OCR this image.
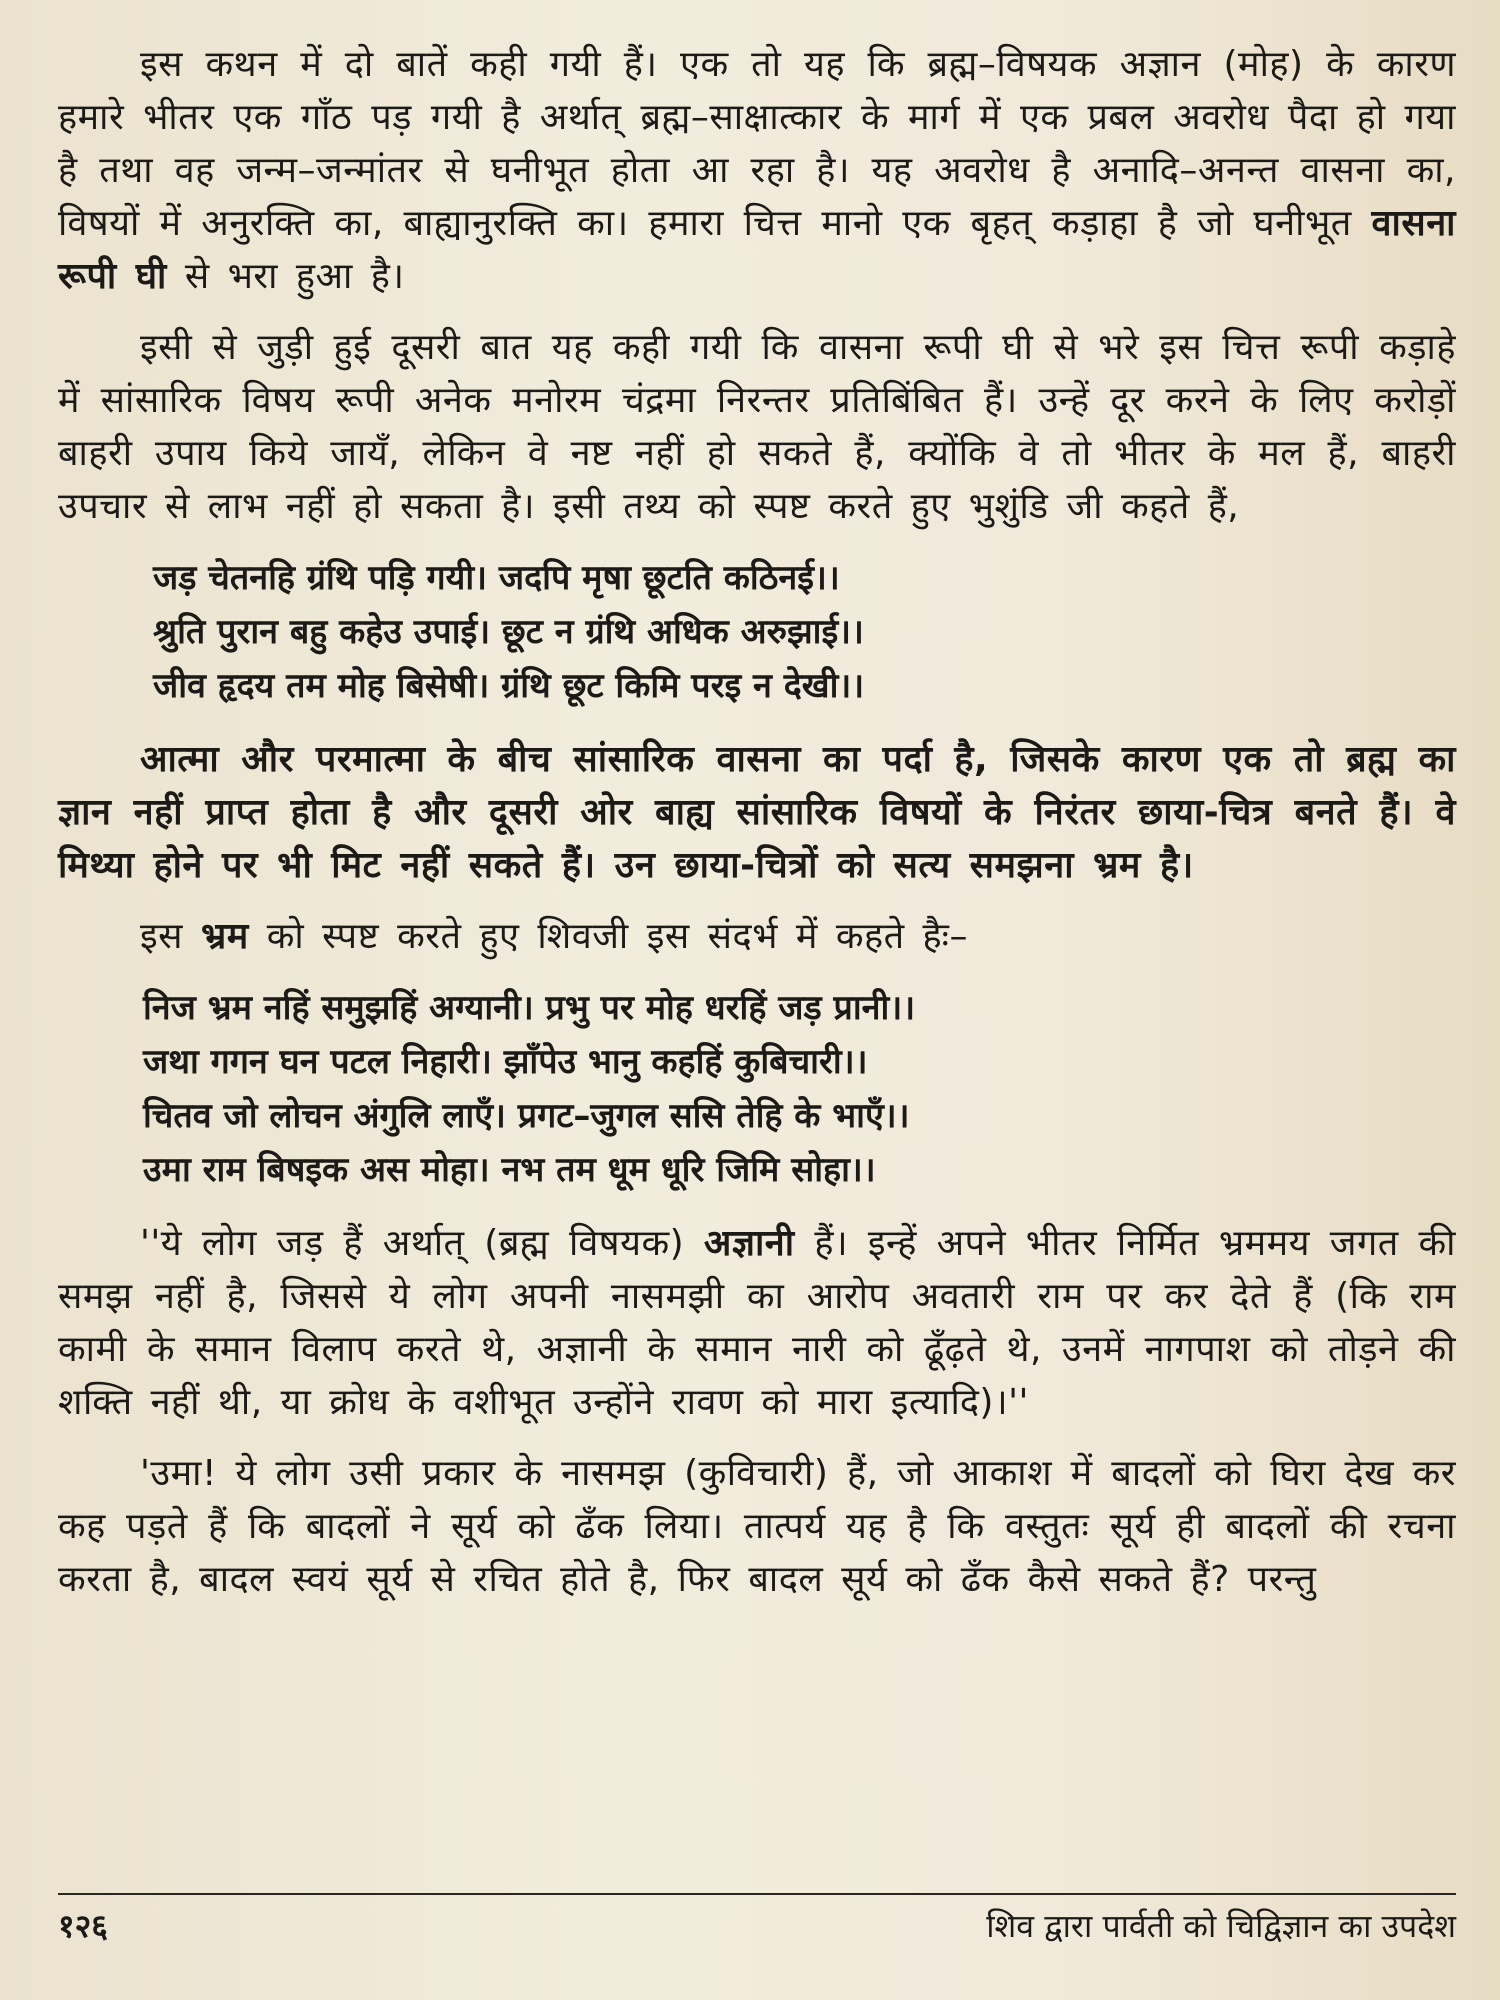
इस कथन में दो बातें कही गयी हैं। एक तो यह कि ब्रह्म–विषयक अज्ञान (मोह) के कारण हमारे भीतर एक गाँठ पड़ गयी है अर्थात् ब्रह्म–साक्षात्कार के मार्ग में एक प्रबल अवरोध पैदा हो गया है तथा वह जन्म–जन्मांतर से घनीभूत होता आ रहा है। यह अवरोध है अनादि–अनन्त वासना का, विषयों में अनुरक्ति का, बाह्यानुरक्ति का। हमारा चित्त मानो एक बृहत् कड़ाहा है जो घनीभूत वासना रूपी घी से भरा हुआ है।

इसी से जुड़ी हुई दूसरी बात यह कही गयी कि वासना रूपी घी से भरे इस चित्त रूपी कड़ाहे में सांसारिक विषय रूपी अनेक मनोरम चंद्रमा निरन्तर प्रतिबिंबित हैं। उन्हें दूर करने के लिए करोड़ों बाहरी उपाय किये जायँ, लेकिन वे नष्ट नहीं हो सकते हैं, क्योंकि वे तो भीतर के मल हैं, बाहरी उपचार से लाभ नहीं हो सकता है। इसी तथ्य को स्पष्ट करते हुए भुशुंडि जी कहते हैं,

जड़ चेतनहि ग्रंथि पड़ि गयी। जदपि मृषा छूटति कठिनई।।
श्रुति पुरान बहु कहेउ उपाई। छूट न ग्रंथि अधिक अरुझाई।।
जीव हृदय तम मोह बिसेषी। ग्रंथि छूट किमि परइ न देखी।।

आत्मा और परमात्मा के बीच सांसारिक वासना का पर्दा है, जिसके कारण एक तो ब्रह्म का ज्ञान नहीं प्राप्त होता है और दूसरी ओर बाह्य सांसारिक विषयों के निरंतर छाया-चित्र बनते हैं। वे मिथ्या होने पर भी मिट नहीं सकते हैं। उन छाया-चित्रों को सत्य समझना भ्रम है।

इस भ्रम को स्पष्ट करते हुए शिवजी इस संदर्भ में कहते हैः–

निज भ्रम नहिं समुझहिं अग्यानी। प्रभु पर मोह धरहिं जड़ प्रानी।।
जथा गगन घन पटल निहारी। झाँपेउ भानु कहहिं कुबिचारी।।
चितव जो लोचन अंगुलि लाएँ। प्रगट–जुगल ससि तेहि के भाएँ।।
उमा राम बिषइक अस मोहा। नभ तम धूम धूरि जिमि सोहा।।

''ये लोग जड़ हैं अर्थात् (ब्रह्म विषयक) अज्ञानी हैं। इन्हें अपने भीतर निर्मित भ्रममय जगत की समझ नहीं है, जिससे ये लोग अपनी नासमझी का आरोप अवतारी राम पर कर देते हैं (कि राम कामी के समान विलाप करते थे, अज्ञानी के समान नारी को ढूँढ़ते थे, उनमें नागपाश को तोड़ने की शक्ति नहीं थी, या क्रोध के वशीभूत उन्होंने रावण को मारा इत्यादि)।''

'उमा! ये लोग उसी प्रकार के नासमझ (कुविचारी) हैं, जो आकाश में बादलों को घिरा देख कर कह पड़ते हैं कि बादलों ने सूर्य को ढँक लिया। तात्पर्य यह है कि वस्तुतः सूर्य ही बादलों की रचना करता है, बादल स्वयं सूर्य से रचित होते है, फिर बादल सूर्य को ढँक कैसे सकते हैं? परन्तु

१२६	शिव द्वारा पार्वती को चिद्विज्ञान का उपदेश
